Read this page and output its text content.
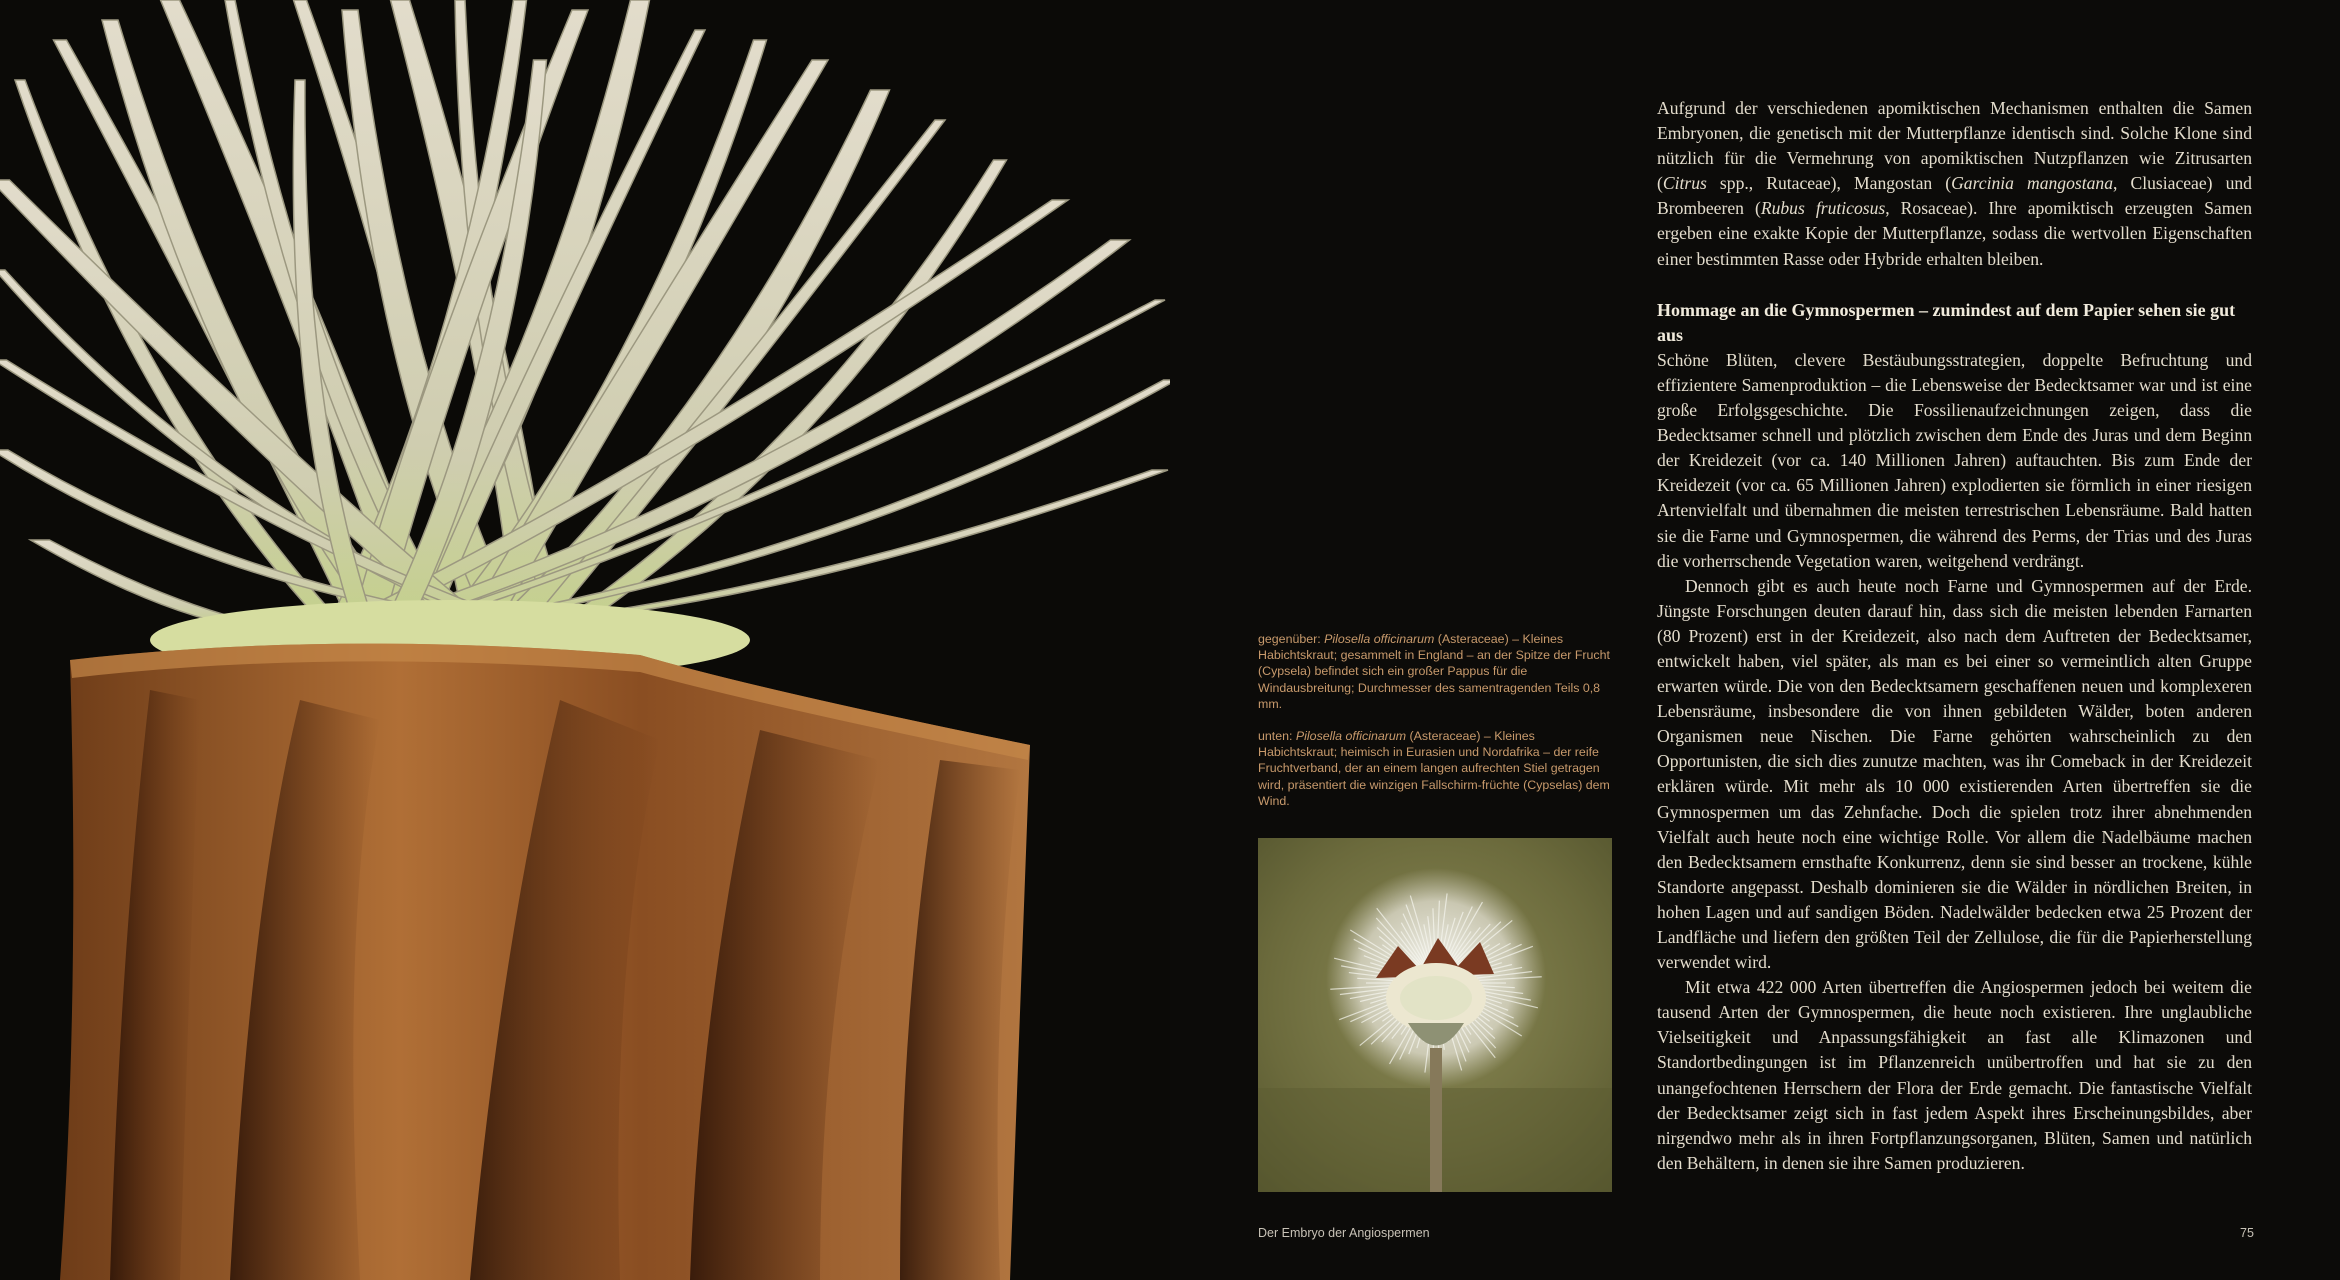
gegenüber: Pilosella officinarum (Asteraceae) – Kleines Habichtskraut; gesammelt in England – an der Spitze der Frucht (Cypsela) befindet sich ein großer Pappus für die Windausbreitung; Durchmesser des samentragenden Teils 0,8 mm.
unten: Pilosella officinarum (Asteraceae) – Kleines Habichtskraut; heimisch in Eurasien und Nordafrika – der reife Fruchtverband, der an einem langen aufrechten Stiel getragen wird, präsentiert die winzigen Fallschirm-früchte (Cypselas) dem Wind.
Der Embryo der Angiospermen	75

Aufgrund der verschiedenen apomiktischen Mechanismen enthalten die Samen Embryonen, die genetisch mit der Mutterpflanze identisch sind. Solche Klone sind nützlich für die Vermehrung von apomiktischen Nutzpflanzen wie Zitrusarten (Citrus spp., Rutaceae), Mangostan (Garcinia mangostana, Clusiaceae) und Brombeeren (Rubus fruticosus, Rosaceae). Ihre apomiktisch erzeugten Samen ergeben eine exakte Kopie der Mutterpflanze, sodass die wertvollen Eigenschaften einer bestimmten Rasse oder Hybride erhalten bleiben.

Hommage an die Gymnospermen – zumindest auf dem Papier sehen sie gut aus

Schöne Blüten, clevere Bestäubungsstrategien, doppelte Befruchtung und effizientere Samenproduktion – die Lebensweise der Bedecktsamer war und ist eine große Erfolgsgeschichte. Die Fossilienaufzeichnungen zeigen, dass die Bedecktsamer schnell und plötzlich zwischen dem Ende des Juras und dem Beginn der Kreidezeit (vor ca. 140 Millionen Jahren) auftauchten. Bis zum Ende der Kreidezeit (vor ca. 65 Millionen Jahren) explodierten sie förmlich in einer riesigen Artenvielfalt und übernahmen die meisten terrestrischen Lebensräume. Bald hatten sie die Farne und Gymnospermen, die während des Perms, der Trias und des Juras die vorherrschende Vegetation waren, weitgehend verdrängt.

Dennoch gibt es auch heute noch Farne und Gymnospermen auf der Erde. Jüngste Forschungen deuten darauf hin, dass sich die meisten lebenden Farnarten (80 Prozent) erst in der Kreidezeit, also nach dem Auftreten der Bedecktsamer, entwickelt haben, viel später, als man es bei einer so vermeintlich alten Gruppe erwarten würde. Die von den Bedecktsamern geschaffenen neuen und komplexeren Lebensräume, insbesondere die von ihnen gebildeten Wälder, boten anderen Organismen neue Nischen. Die Farne gehörten wahrscheinlich zu den Opportunisten, die sich dies zunutze machten, was ihr Comeback in der Kreidezeit erklären würde. Mit mehr als 10 000 existierenden Arten übertreffen sie die Gymnospermen um das Zehnfache. Doch die spielen trotz ihrer abnehmenden Vielfalt auch heute noch eine wichtige Rolle. Vor allem die Nadelbäume machen den Bedecktsamern ernsthafte Konkurrenz, denn sie sind besser an trockene, kühle Standorte angepasst. Deshalb dominieren sie die Wälder in nördlichen Breiten, in hohen Lagen und auf sandigen Böden. Nadelwälder bedecken etwa 25 Prozent der Landfläche und liefern den größten Teil der Zellulose, die für die Papierherstellung verwendet wird.

Mit etwa 422 000 Arten übertreffen die Angiospermen jedoch bei weitem die tausend Arten der Gymnospermen, die heute noch existieren. Ihre unglaubliche Vielseitigkeit und Anpassungsfähigkeit an fast alle Klimazonen und Standortbedingungen ist im Pflanzenreich unübertroffen und hat sie zu den unangefochtenen Herrschern der Flora der Erde gemacht. Die fantastische Vielfalt der Bedecktsamer zeigt sich in fast jedem Aspekt ihres Erscheinungsbildes, aber nirgendwo mehr als in ihren Fortpflanzungsorganen, Blüten, Samen und natürlich den Behältern, in denen sie ihre Samen produzieren.
